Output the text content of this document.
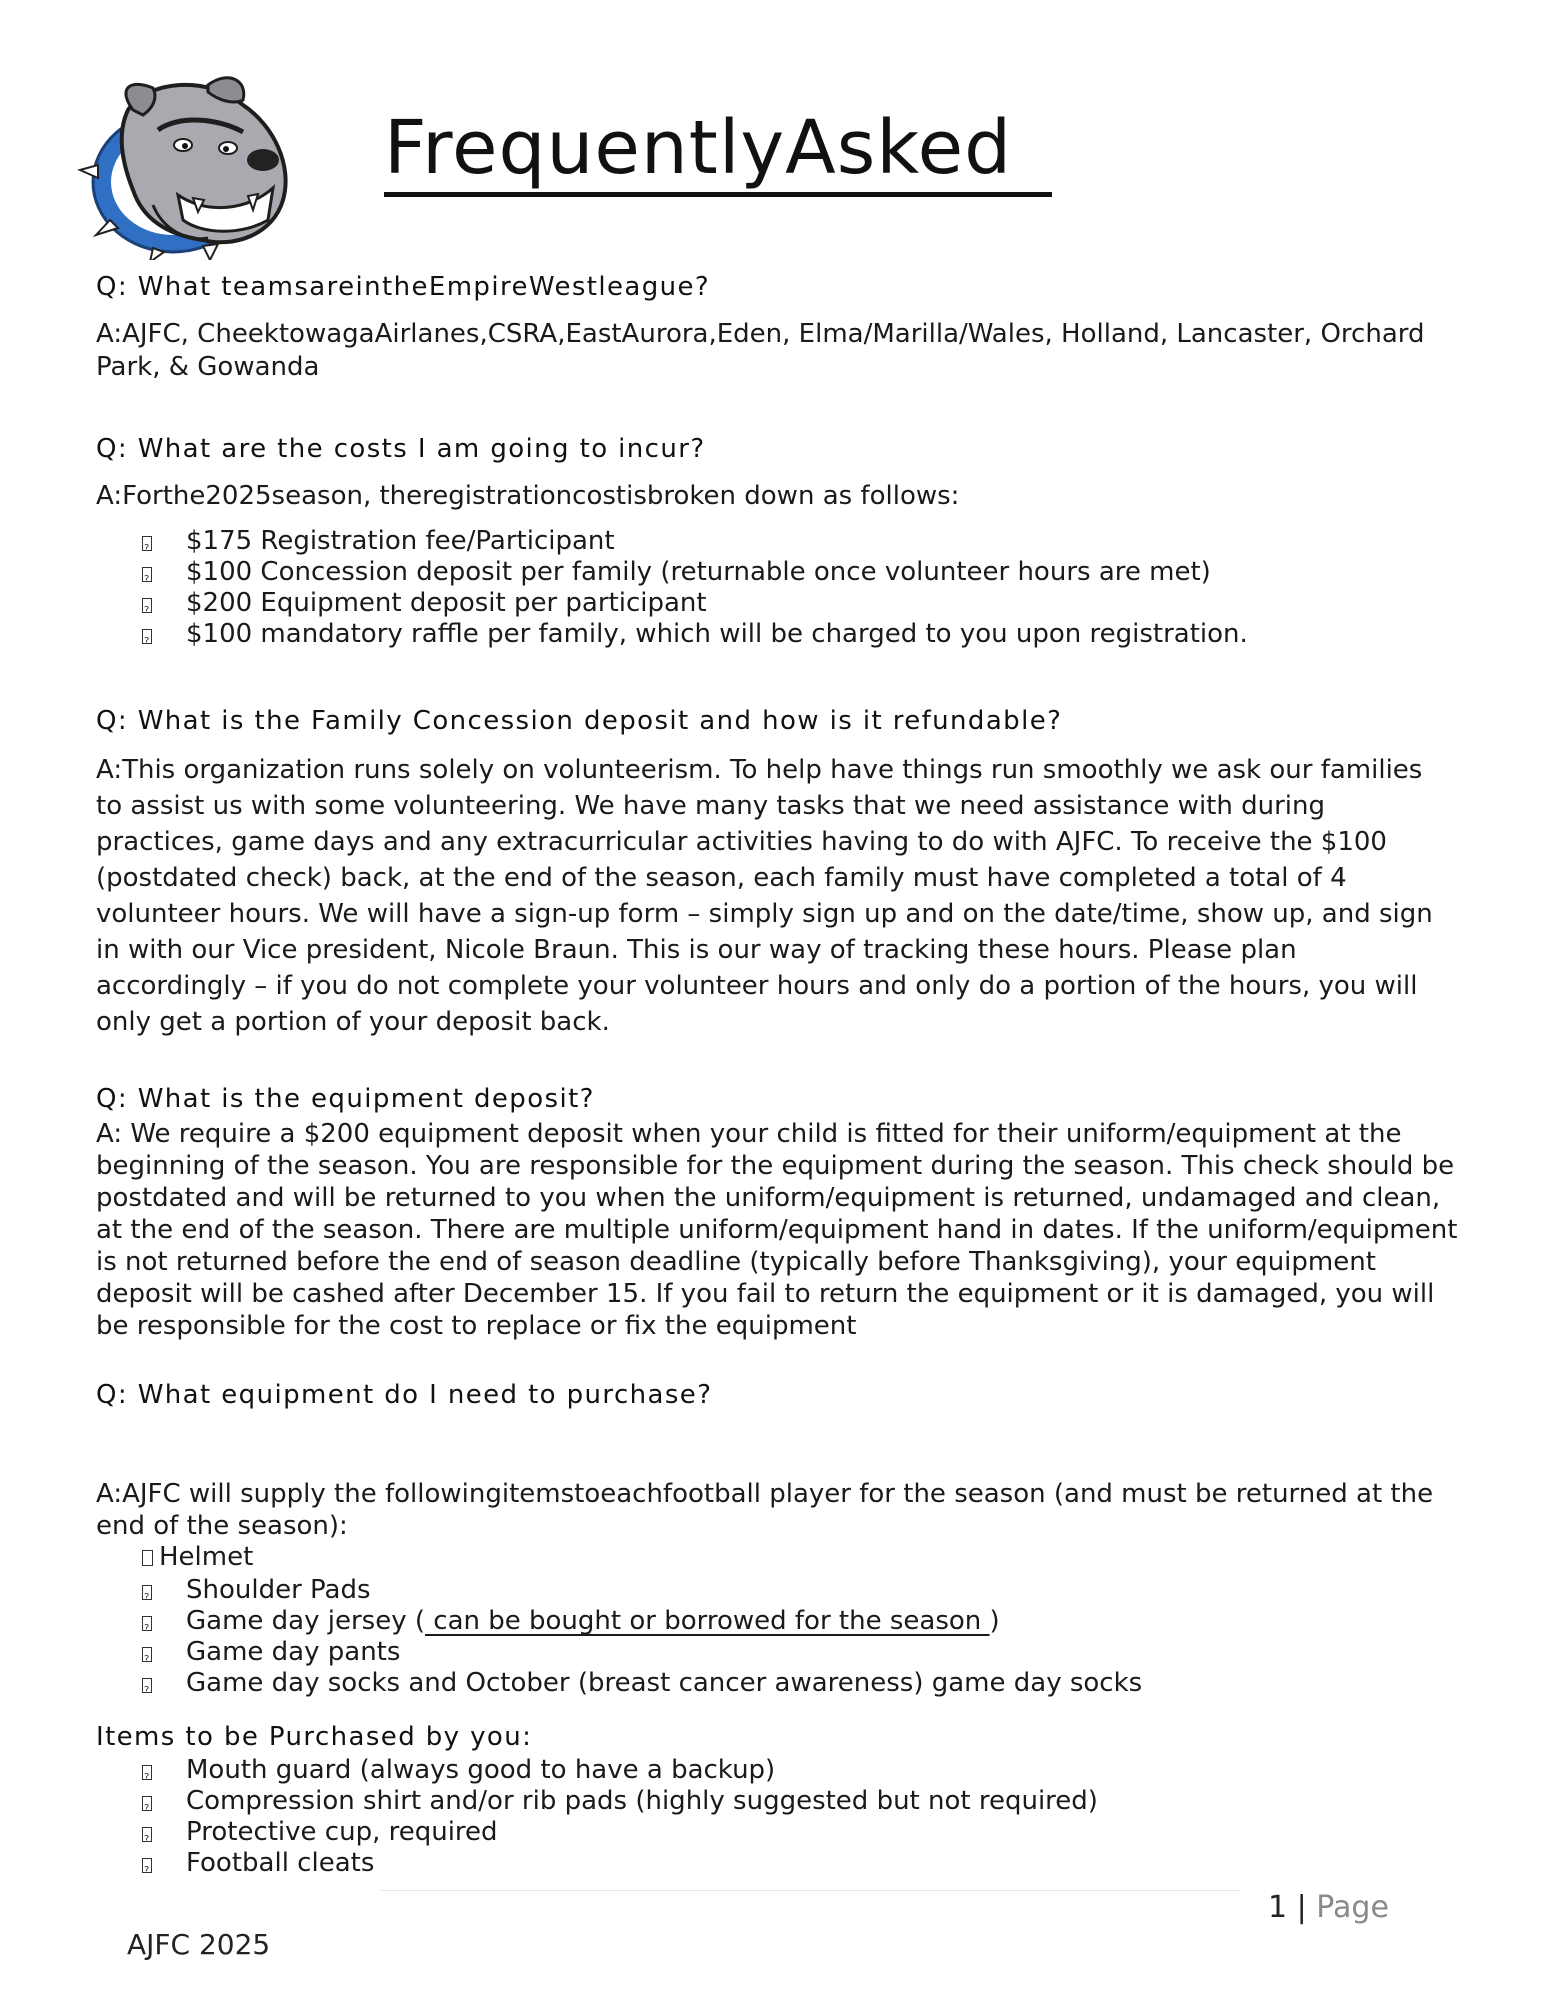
FrequentlyAsked
Q: What teamsareintheEmpireWestleague?
A:AJFC, CheektowagaAirlanes,CSRA,EastAurora,Eden, Elma/Marilla/Wales, Holland, Lancaster, Orchard Park, & Gowanda
Q: What are the costs I am going to incur?
A:Forthe2025season, theregistrationcostisbroken down as follows:
?
$175 Registration fee/Participant
?
$100 Concession deposit per family (returnable once volunteer hours are met)
?
$200 Equipment deposit per participant
?
$100 mandatory raffle per family, which will be charged to you upon registration.
Q: What is the Family Concession deposit and how is it refundable?
A:This organization runs solely on volunteerism. To help have things run smoothly we ask our families to assist us with some volunteering. We have many tasks that we need assistance with during practices, game days and any extracurricular activities having to do with AJFC. To receive the $100 (postdated check) back, at the end of the season, each family must have completed a total of 4 volunteer hours. We will have a sign-up form – simply sign up and on the date/time, show up, and sign in with our Vice president, Nicole Braun. This is our way of tracking these hours. Please plan accordingly – if you do not complete your volunteer hours and only do a portion of the hours, you will only get a portion of your deposit back.
Q: What is the equipment deposit?
A: We require a $200 equipment deposit when your child is fitted for their uniform/equipment at the beginning of the season. You are responsible for the equipment during the season. This check should be postdated and will be returned to you when the uniform/equipment is returned, undamaged and clean, at the end of the season. There are multiple uniform/equipment hand in dates. If the uniform/equipment is not returned before the end of season deadline (typically before Thanksgiving), your equipment deposit will be cashed after December 15. If you fail to return the equipment or it is damaged, you will be responsible for the cost to replace or fix the equipment
Q: What equipment do I need to purchase?
A:AJFC will supply the followingitemstoeachfootball player for the season (and must be returned at the end of the season):
Helmet
?
Shoulder Pads
?
Game day jersey ( can be bought or borrowed for the season )
?
Game day pants
?
Game day socks and October (breast cancer awareness) game day socks
Items to be Purchased by you:
?
Mouth guard (always good to have a backup)
?
Compression shirt and/or rib pads (highly suggested but not required)
?
Protective cup, required
?
Football cleats
1 | Page
AJFC 2025
